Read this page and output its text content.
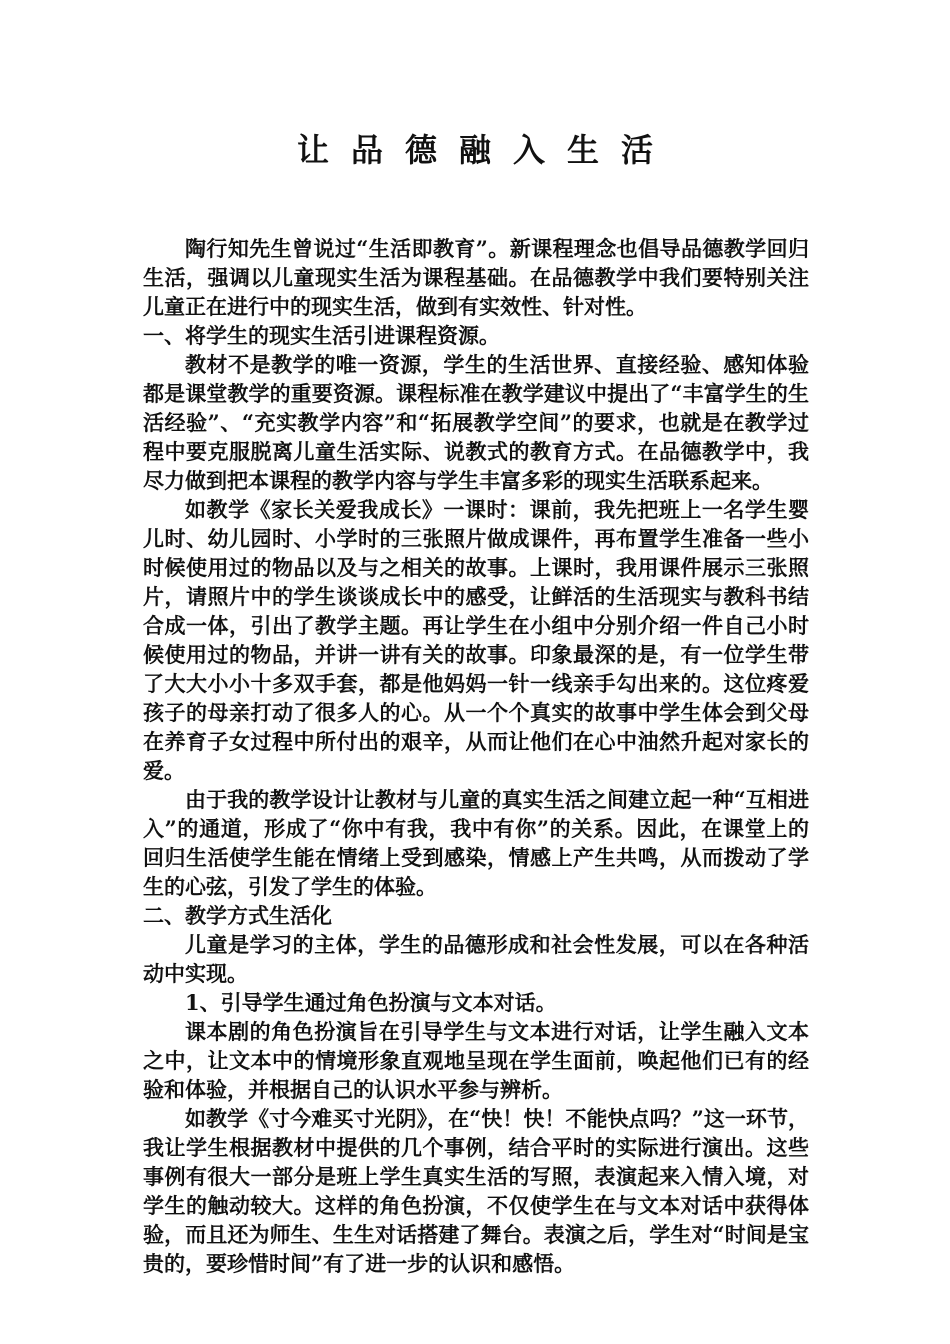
让品德融入生活

陶行知先生曾说过“生活即教育”。新课程理念也倡导品德教学回归生活，强调以儿童现实生活为课程基础。在品德教学中我们要特别关注儿童正在进行中的现实生活，做到有实效性、针对性。

一、将学生的现实生活引进课程资源。

教材不是教学的唯一资源，学生的生活世界、直接经验、感知体验都是课堂教学的重要资源。课程标准在教学建议中提出了“丰富学生的生活经验”、“充实教学内容”和“拓展教学空间”的要求，也就是在教学过程中要克服脱离儿童生活实际、说教式的教育方式。在品德教学中，我尽力做到把本课程的教学内容与学生丰富多彩的现实生活联系起来。

如教学《家长关爱我成长》一课时：课前，我先把班上一名学生婴儿时、幼儿园时、小学时的三张照片做成课件，再布置学生准备一些小时候使用过的物品以及与之相关的故事。上课时，我用课件展示三张照片，请照片中的学生谈谈成长中的感受，让鲜活的生活现实与教科书结合成一体，引出了教学主题。再让学生在小组中分别介绍一件自己小时候使用过的物品，并讲一讲有关的故事。印象最深的是，有一位学生带了大大小小十多双手套，都是他妈妈一针一线亲手勾出来的。这位疼爱孩子的母亲打动了很多人的心。从一个个真实的故事中学生体会到父母在养育子女过程中所付出的艰辛，从而让他们在心中油然升起对家长的爱。

由于我的教学设计让教材与儿童的真实生活之间建立起一种“互相进入”的通道，形成了“你中有我，我中有你”的关系。因此，在课堂上的回归生活使学生能在情绪上受到感染，情感上产生共鸣，从而拨动了学生的心弦，引发了学生的体验。

二、教学方式生活化

儿童是学习的主体，学生的品德形成和社会性发展，可以在各种活动中实现。

1、引导学生通过角色扮演与文本对话。

课本剧的角色扮演旨在引导学生与文本进行对话，让学生融入文本之中，让文本中的情境形象直观地呈现在学生面前，唤起他们已有的经验和体验，并根据自己的认识水平参与辨析。

如教学《寸今难买寸光阴》，在“快！快！不能快点吗？”这一环节，我让学生根据教材中提供的几个事例，结合平时的实际进行演出。这些事例有很大一部分是班上学生真实生活的写照，表演起来入情入境，对学生的触动较大。这样的角色扮演，不仅使学生在与文本对话中获得体验，而且还为师生、生生对话搭建了舞台。表演之后，学生对“时间是宝贵的，要珍惜时间”有了进一步的认识和感悟。
